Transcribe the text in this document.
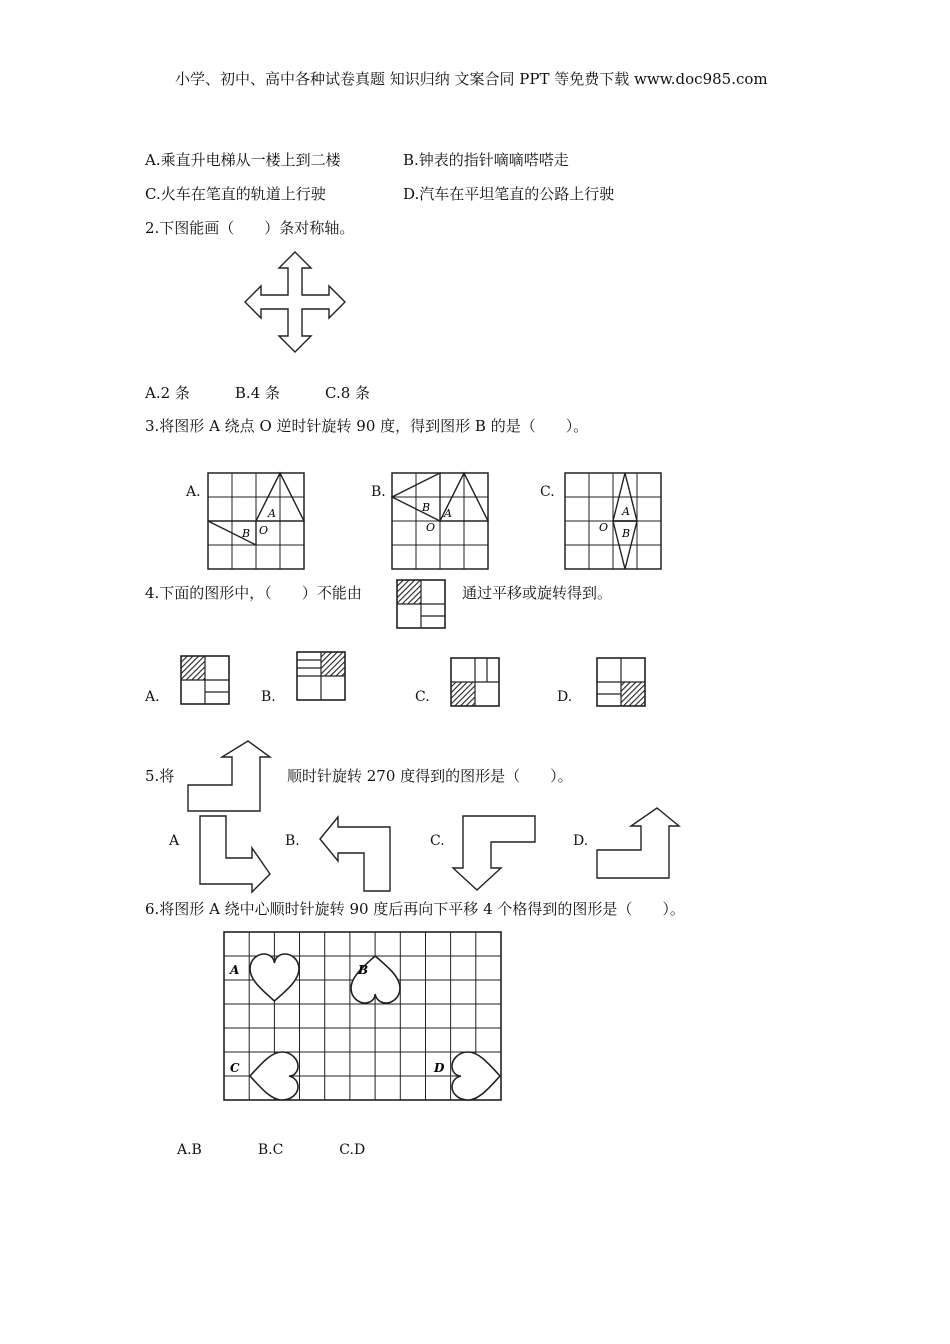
小学、初中、高中各种试卷真题 知识归纳 文案合同 PPT 等免费下载 www.doc985.com
A.乘直升电梯从一楼上到二楼	B.钟表的指针嘀嘀嗒嗒走
C.火车在笔直的轨道上行驶	D.汽车在平坦笔直的公路上行驶
2.下图能画（　　）条对称轴。
A.2 条　　　B.4 条　　　C.8 条
3.将图形 A 绕点 O 逆时针旋转 90 度，得到图形 B 的是（　　）。
A.
A
B O
B.
A
B
O
C.
A
B
O
4.下面的图形中，（　　）不能由	通过平移或旋转得到。
A.	B.	C.	D.
5.将	顺时针旋转 270 度得到的图形是（　　）。
A	B.	C.	D.
6.将图形 A 绕中心顺时针旋转 90 度后再向下平移 4 个格得到的图形是（　　）。
A	B
C	D
A.B　　　　B.C　　　　C.D
